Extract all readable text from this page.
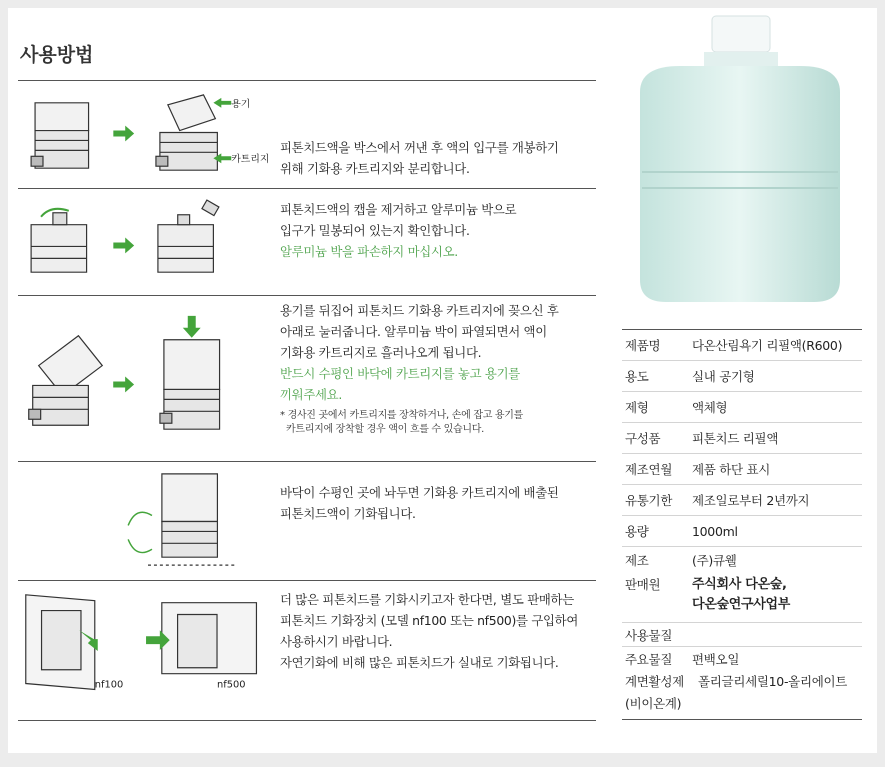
사용방법
용기
카트리지
피톤치드액을 박스에서 꺼낸 후 액의 입구를 개봉하기
위해 기화용 카트리지와 분리합니다.
피톤치드액의 캡을 제거하고 알루미늄 박으로
입구가 밀봉되어 있는지 확인합니다.
알루미늄 박을 파손하지 마십시오.
용기를 뒤집어 피톤치드 기화용 카트리지에 꽂으신 후
아래로 눌러줍니다. 알루미늄 박이 파열되면서 액이
기화용 카트리지로 흘러나오게 됩니다.
반드시 수평인 바닥에 카트리지를 놓고 용기를
끼워주세요.
* 경사진 곳에서 카트리지를 장착하거나, 손에 잡고 용기를
카트리지에 장착할 경우 액이 흐를 수 있습니다.
바닥이 수평인 곳에 놔두면 기화용 카트리지에 배출된
피톤치드액이 기화됩니다.
nf100	nf500
더 많은 피톤치드를 기화시키고자 한다면, 별도 판매하는
피톤치드 기화장치 (모델 nf100 또는 nf500)를 구입하여
사용하시기 바랍니다.
자연기화에 비해 많은 피톤치드가 실내로 기화됩니다.
제품명	다온산림욕기 리필액(R600)
용도	실내 공기형
제형	액체형
구성품	피톤치드 리필액
제조연월	제품 하단 표시
유통기한	제조일로부터 2년까지
용량	1000ml
제조	(주)큐웰
판매원	주식회사 다온숲,
다온숲연구사업부
사용물질
주요물질	편백오일
계면활성제	폴리글리세릴10-올리에이트
(비이온계)
